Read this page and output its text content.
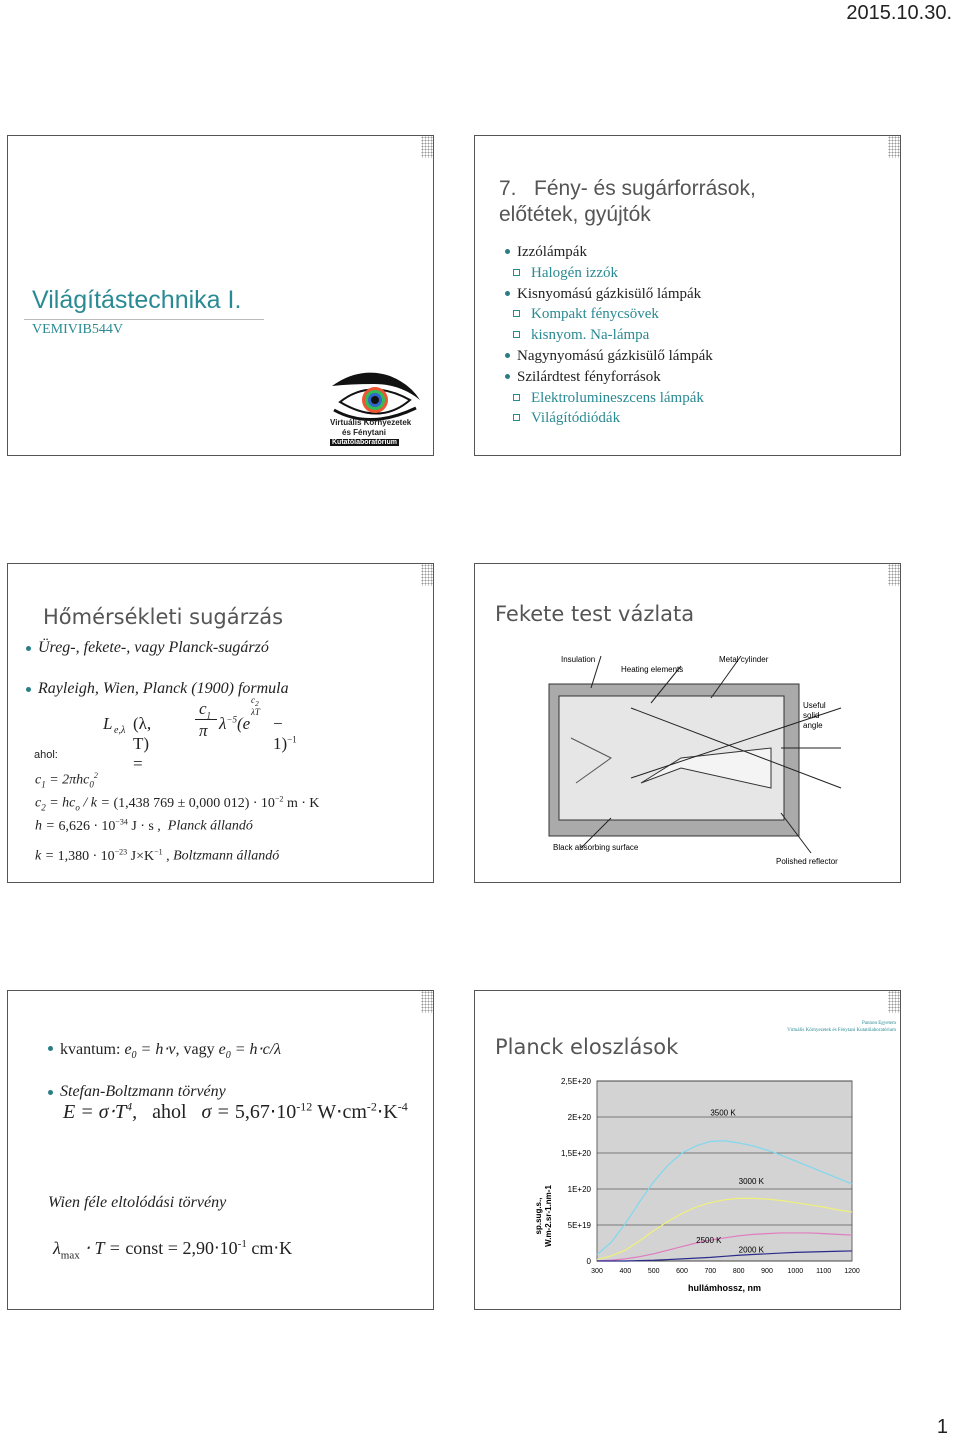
2015.10.30.
Világítástechnika I.
VEMIVIB544V
Virtuális Környezetek
és Fénytani
Kutatólaboratórium
7. Fény- és sugárforrások,
előtétek, gyújtók
Izzólámpák
Halogén izzók
Kisnyomású gázkisülő lámpák
Kompakt fénycsövek
kisnyom. Na-lámpa
Nagynyomású gázkisülő lámpák
Szilárdtest fényforrások
Elektrolumineszcens lámpák
Világítódiódák
Hőmérsékleti sugárzás
Üreg-, fekete-, vagy Planck-sugárzó
Rayleigh, Wien, Planck (1900) formula
L e,λ (λ, T) =
$c_1$
π $\lambda^{-5}(e$
$c_2$
λT
− 1)$^{-1}$
ahol:
$c_1 = 2\pi hc_0^2$
$c_2 = hc_o / k = (1,438$ 769 ± 0,000 $012) \cdot 10^{-2}$ m ⋅ K
$h = 6,626 \cdot 10^{-34}$ J ⋅ s , Planck állandó
$k = 1,380 \cdot 10^{-23}$ $J\times K^{-1}$ , Boltzmann állandó
Fekete test vázlata
Insulation
Heating elements
Metal cylinder
Useful
solid
angle
Black absorbing surface
Polished reflector
kvantum: $e_0 = h\cdot\nu$, vagy $e_0 = h\cdot c/\lambda$
Stefan-Boltzmann törvény
$E = \sigma\cdot T^4$,   ahol   $\sigma = 5,67\cdot 10^{-12}$ $W\cdot cm^{-2}\cdot K^{-4}$
Wien féle eltolódási törvény
$\lambda_{max} \cdot T$ = const = $2,90\cdot 10^{-1}$ cm⋅K
Planck eloszlások
Pannon Egyetem
Virtuális Környezetek és Fénytani Kutatólaboratórium
0
5E+19
1E+20
1,5E+20
2E+20
2,5E+20
300 400 500 600 700 800 900 1000 1100 1200
hullámhossz, nm
sp.sug.s., W.m-2.sr-1.nm-1
3500 K
3000 K
2500 K
2000 K
1
